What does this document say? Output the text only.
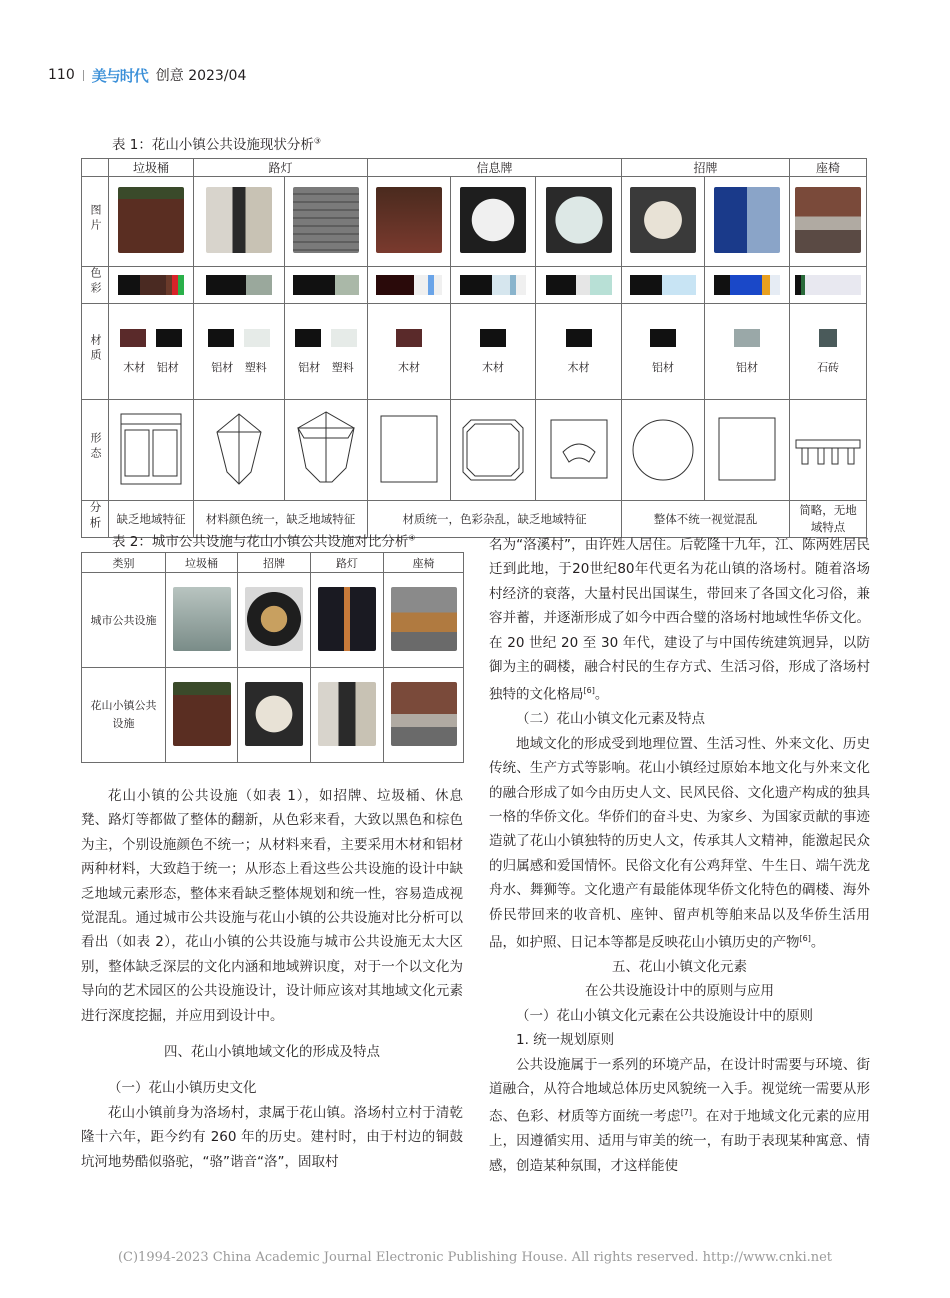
110 美与时代 创意 2023/04
表 1：花山小镇公共设施现状分析③
	垃圾桶	路灯		信息牌			招牌		座椅
图片									
色彩	

材质	木材 铝材	铝材 塑料	铝材 塑料	木材	木材	木材	铝材	铝材	石砖

形态									
分析	缺乏地域特征	材料颜色统一，缺乏地域特征		材质统一，色彩杂乱，缺乏地域特征			整体不统一视觉混乱		简略，无地域特点
表 2：城市公共设施与花山小镇公共设施对比分析④
类别	垃圾桶	招牌	路灯	座椅
城市公共设施				
花山小镇公共设施				

花山小镇的公共设施（如表 1），如招牌、垃圾桶、休息凳、路灯等都做了整体的翻新，从色彩来看，大致以黑色和棕色为主，个别设施颜色不统一；从材料来看，主要采用木材和铝材两种材料，大致趋于统一；从形态上看这些公共设施的设计中缺乏地域元素形态，整体来看缺乏整体规划和统一性，容易造成视觉混乱。通过城市公共设施与花山小镇的公共设施对比分析可以看出（如表 2），花山小镇的公共设施与城市公共设施无太大区别，整体缺乏深层的文化内涵和地域辨识度，对于一个以文化为导向的艺术园区的公共设施设计，设计师应该对其地域文化元素进行深度挖掘，并应用到设计中。

四、花山小镇地域文化的形成及特点

（一）花山小镇历史文化

花山小镇前身为洛场村，隶属于花山镇。洛场村立村于清乾隆十六年，距今约有 260 年的历史。建村时，由于村边的铜鼓坑河地势酷似骆驼，“骆”谐音“洛”，固取村

名为“洛溪村”，由许姓人居住。后乾隆十九年，江、陈两姓居民迁到此地，于20世纪80年代更名为花山镇的洛场村。随着洛场村经济的衰落，大量村民出国谋生，带回来了各国文化习俗，兼容并蓄，并逐渐形成了如今中西合璧的洛场村地域性华侨文化。在 20 世纪 20 至 30 年代，建设了与中国传统建筑迥异，以防御为主的碉楼，融合村民的生存方式、生活习俗，形成了洛场村独特的文化格局[6]。

（二）花山小镇文化元素及特点

地域文化的形成受到地理位置、生活习性、外来文化、历史传统、生产方式等影响。花山小镇经过原始本地文化与外来文化的融合形成了如今由历史人文、民风民俗、文化遗产构成的独具一格的华侨文化。华侨们的奋斗史、为家乡、为国家贡献的事迹造就了花山小镇独特的历史人文，传承其人文精神，能激起民众的归属感和爱国情怀。民俗文化有公鸡拜堂、牛生日、端午洗龙舟水、舞狮等。文化遗产有最能体现华侨文化特色的碉楼、海外侨民带回来的收音机、座钟、留声机等舶来品以及华侨生活用品，如护照、日记本等都是反映花山小镇历史的产物[6]。

五、花山小镇文化元素

在公共设施设计中的原则与应用

（一）花山小镇文化元素在公共设施设计中的原则

1. 统一规划原则

公共设施属于一系列的环境产品，在设计时需要与环境、街道融合，从符合地域总体历史风貌统一入手。视觉统一需要从形态、色彩、材质等方面统一考虑[7]。在对于地域文化元素的应用上，因遵循实用、适用与审美的统一，有助于表现某种寓意、情感，创造某种氛围，才这样能使

(C)1994-2023 China Academic Journal Electronic Publishing House. All rights reserved. http://www.cnki.net
